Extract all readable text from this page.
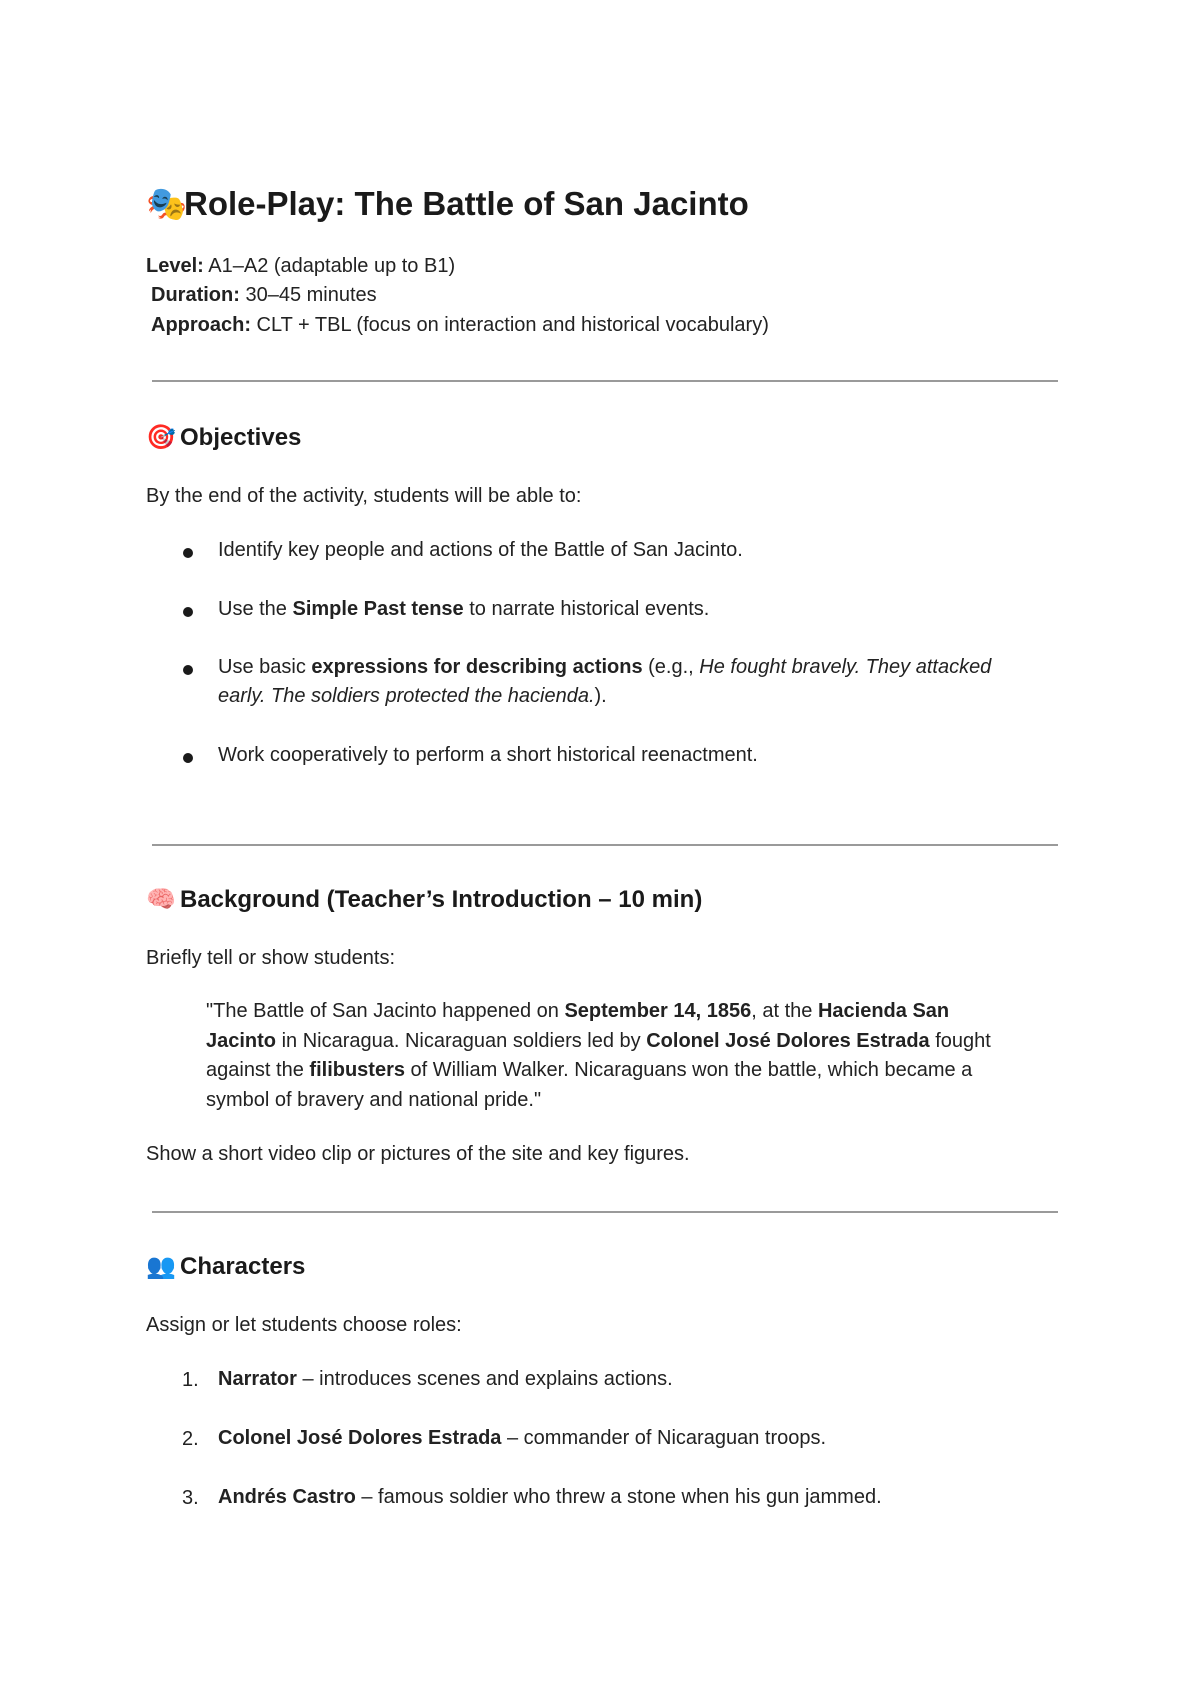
🎭Role-Play: The Battle of San Jacinto
Level: A1–A2 (adaptable up to B1)
Duration: 30–45 minutes
Approach: CLT + TBL (focus on interaction and historical vocabulary)
🎯 Objectives

By the end of the activity, students will be able to:

Identify key people and actions of the Battle of San Jacinto.
Use the Simple Past tense to narrate historical events.
Use basic expressions for describing actions (e.g., He fought bravely. They attacked early. The soldiers protected the hacienda.).
Work cooperatively to perform a short historical reenactment.
🧠 Background (Teacher’s Introduction – 10 min)

Briefly tell or show students:

"The Battle of San Jacinto happened on September 14, 1856, at the Hacienda San Jacinto in Nicaragua. Nicaraguan soldiers led by Colonel José Dolores Estrada fought against the filibusters of William Walker. Nicaraguans won the battle, which became a symbol of bravery and national pride."

Show a short video clip or pictures of the site and key figures.

👥 Characters

Assign or let students choose roles:

1. Narrator – introduces scenes and explains actions.
2. Colonel José Dolores Estrada – commander of Nicaraguan troops.
3. Andrés Castro – famous soldier who threw a stone when his gun jammed.
